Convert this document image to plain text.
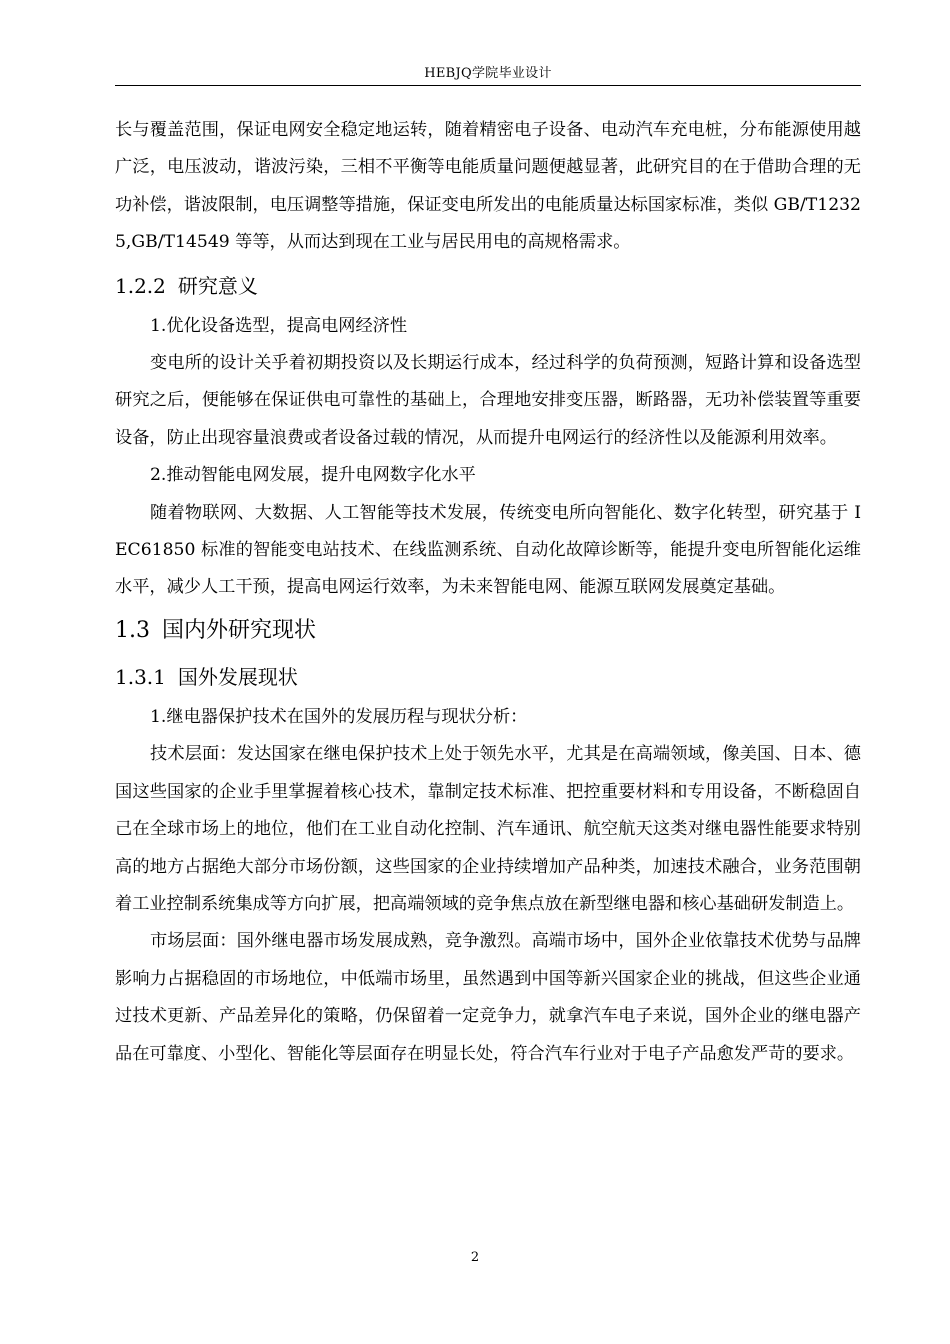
HEBJQ学院毕业设计

长与覆盖范围，保证电网安全稳定地运转，随着精密电子设备、电动汽车充电桩，分布能源使用越广泛，电压波动，谐波污染，三相不平衡等电能质量问题便越显著，此研究目的在于借助合理的无功补偿，谐波限制，电压调整等措施，保证变电所发出的电能质量达标国家标准，类似 GB/T12325,GB/T14549 等等，从而达到现在工业与居民用电的高规格需求。

1.2.2 研究意义

1.优化设备选型，提高电网经济性

变电所的设计关乎着初期投资以及长期运行成本，经过科学的负荷预测，短路计算和设备选型研究之后，便能够在保证供电可靠性的基础上，合理地安排变压器，断路器，无功补偿装置等重要设备，防止出现容量浪费或者设备过载的情况，从而提升电网运行的经济性以及能源利用效率。

2.推动智能电网发展，提升电网数字化水平

随着物联网、大数据、人工智能等技术发展，传统变电所向智能化、数字化转型，研究基于 IEC61850 标准的智能变电站技术、在线监测系统、自动化故障诊断等，能提升变电所智能化运维水平，减少人工干预，提高电网运行效率，为未来智能电网、能源互联网发展奠定基础。

1.3 国内外研究现状
1.3.1 国外发展现状

1.继电器保护技术在国外的发展历程与现状分析：

技术层面：发达国家在继电保护技术上处于领先水平，尤其是在高端领域，像美国、日本、德国这些国家的企业手里掌握着核心技术，靠制定技术标准、把控重要材料和专用设备，不断稳固自己在全球市场上的地位，他们在工业自动化控制、汽车通讯、航空航天这类对继电器性能要求特别高的地方占据绝大部分市场份额，这些国家的企业持续增加产品种类，加速技术融合，业务范围朝着工业控制系统集成等方向扩展，把高端领域的竞争焦点放在新型继电器和核心基础研发制造上。

市场层面：国外继电器市场发展成熟，竞争激烈。高端市场中，国外企业依靠技术优势与品牌影响力占据稳固的市场地位，中低端市场里，虽然遇到中国等新兴国家企业的挑战，但这些企业通过技术更新、产品差异化的策略，仍保留着一定竞争力，就拿汽车电子来说，国外企业的继电器产品在可靠度、小型化、智能化等层面存在明显长处，符合汽车行业对于电子产品愈发严苛的要求。

2
